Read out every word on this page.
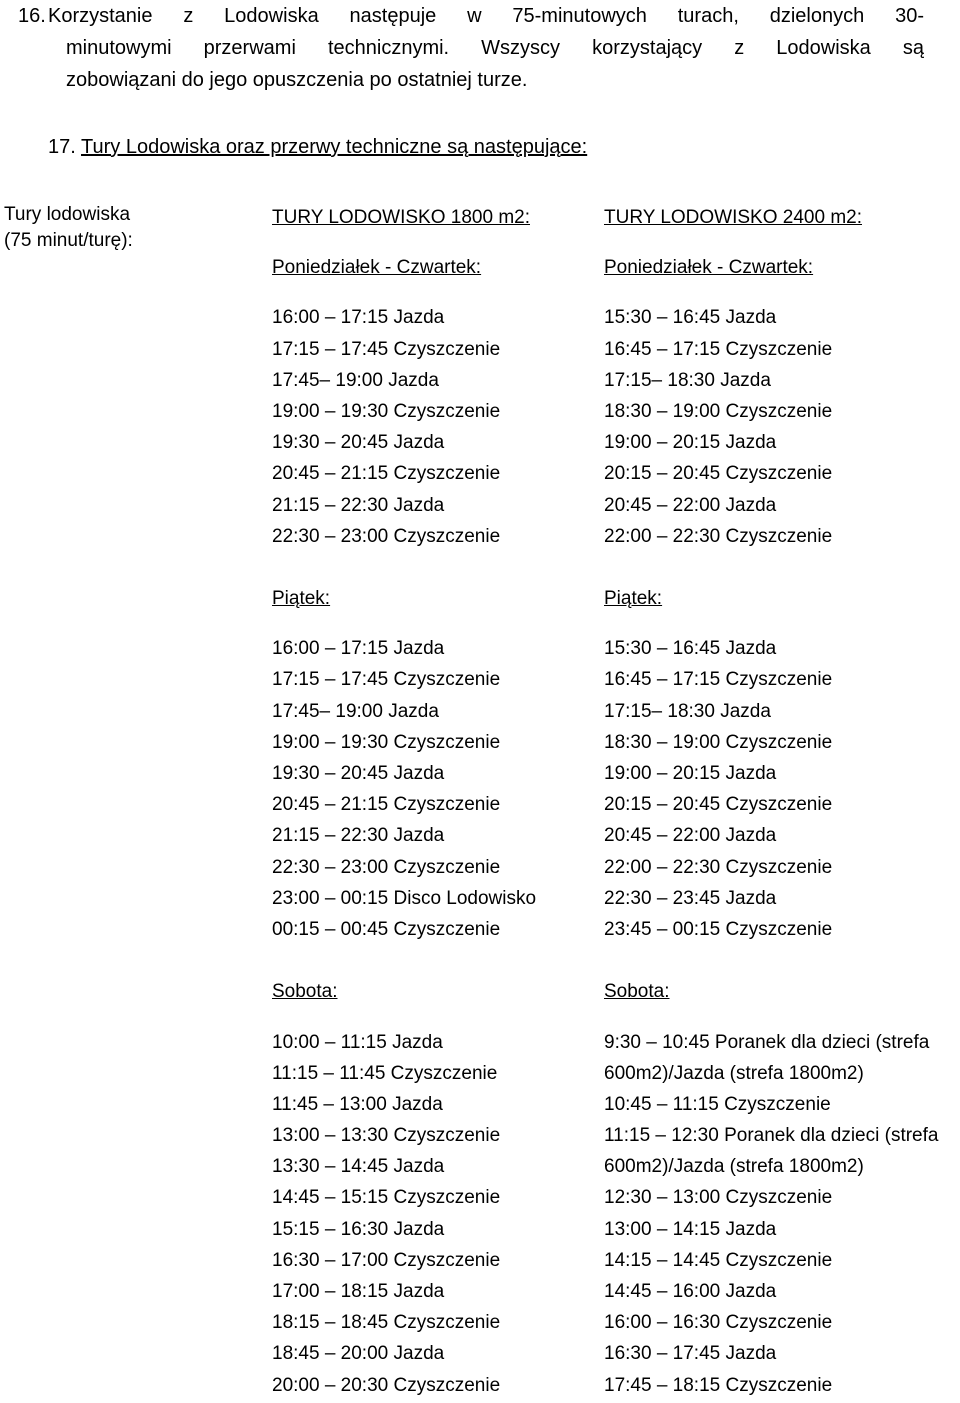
16. Korzystanie z Lodowiska następuje w 75-minutowych turach, dzielonych 30-
minutowymi przerwami technicznymi. Wszyscy korzystający z Lodowiska są
zobowiązani do jego opuszczenia po ostatniej turze.
17. Tury Lodowiska oraz przerwy techniczne są następujące:
Tury lodowiska
(75 minut/turę):
TURY LODOWISKO 1800 m2:
Poniedziałek - Czwartek:
16:00 – 17:15 Jazda
17:15 – 17:45 Czyszczenie
17:45– 19:00 Jazda
19:00 – 19:30 Czyszczenie
19:30 – 20:45 Jazda
20:45 – 21:15 Czyszczenie
21:15 – 22:30 Jazda
22:30 – 23:00 Czyszczenie
Piątek:
16:00 – 17:15 Jazda
17:15 – 17:45 Czyszczenie
17:45– 19:00 Jazda
19:00 – 19:30 Czyszczenie
19:30 – 20:45 Jazda
20:45 – 21:15 Czyszczenie
21:15 – 22:30 Jazda
22:30 – 23:00 Czyszczenie
23:00 – 00:15 Disco Lodowisko
00:15 – 00:45 Czyszczenie
Sobota:
10:00 – 11:15 Jazda
11:15 – 11:45 Czyszczenie
11:45 – 13:00 Jazda
13:00 – 13:30 Czyszczenie
13:30 – 14:45 Jazda
14:45 – 15:15 Czyszczenie
15:15 – 16:30 Jazda
16:30 – 17:00 Czyszczenie
17:00 – 18:15 Jazda
18:15 – 18:45 Czyszczenie
18:45 – 20:00 Jazda
20:00 – 20:30 Czyszczenie
TURY LODOWISKO 2400 m2:
Poniedziałek - Czwartek:
15:30 – 16:45 Jazda
16:45 – 17:15 Czyszczenie
17:15– 18:30 Jazda
18:30 – 19:00 Czyszczenie
19:00 – 20:15 Jazda
20:15 – 20:45 Czyszczenie
20:45 – 22:00 Jazda
22:00 – 22:30 Czyszczenie
Piątek:
15:30 – 16:45 Jazda
16:45 – 17:15 Czyszczenie
17:15– 18:30 Jazda
18:30 – 19:00 Czyszczenie
19:00 – 20:15 Jazda
20:15 – 20:45 Czyszczenie
20:45 – 22:00 Jazda
22:00 – 22:30 Czyszczenie
22:30 – 23:45 Jazda
23:45 – 00:15 Czyszczenie
Sobota:
9:30 – 10:45 Poranek dla dzieci (strefa
600m2)/Jazda (strefa 1800m2)
10:45 – 11:15 Czyszczenie
11:15 – 12:30 Poranek dla dzieci (strefa
600m2)/Jazda (strefa 1800m2)
12:30 – 13:00 Czyszczenie
13:00 – 14:15 Jazda
14:15 – 14:45 Czyszczenie
14:45 – 16:00 Jazda
16:00 – 16:30 Czyszczenie
16:30 – 17:45 Jazda
17:45 – 18:15 Czyszczenie
